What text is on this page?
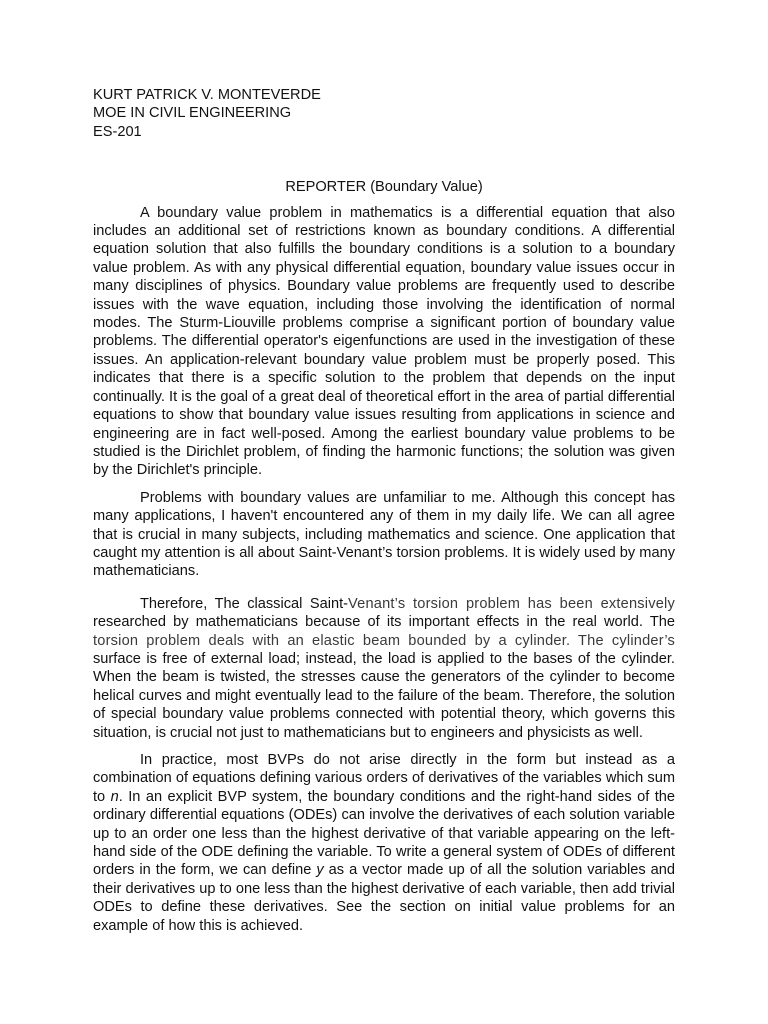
KURT PATRICK V. MONTEVERDE

MOE IN CIVIL ENGINEERING

ES-201

REPORTER (Boundary Value)

A boundary value problem in mathematics is a differential equation that also includes an additional set of restrictions known as boundary conditions. A differential equation solution that also fulfills the boundary conditions is a solution to a boundary value problem. As with any physical differential equation, boundary value issues occur in many disciplines of physics. Boundary value problems are frequently used to describe issues with the wave equation, including those involving the identification of normal modes. The Sturm-Liouville problems comprise a significant portion of boundary value problems. The differential operator's eigenfunctions are used in the investigation of these issues. An application-relevant boundary value problem must be properly posed. This indicates that there is a specific solution to the problem that depends on the input continually. It is the goal of a great deal of theoretical effort in the area of partial differential equations to show that boundary value issues resulting from applications in science and engineering are in fact well-posed. Among the earliest boundary value problems to be studied is the Dirichlet problem, of finding the harmonic functions; the solution was given by the Dirichlet's principle.

Problems with boundary values are unfamiliar to me. Although this concept has many applications, I haven't encountered any of them in my daily life. We can all agree that is crucial in many subjects, including mathematics and science. One application that caught my attention is all about Saint-Venant’s torsion problems. It is widely used by many mathematicians.

Therefore, The classical Saint-Venant’s torsion problem has been extensively researched by mathematicians because of its important effects in the real world. The torsion problem deals with an elastic beam bounded by a cylinder. The cylinder’s surface is free of external load; instead, the load is applied to the bases of the cylinder. When the beam is twisted, the stresses cause the generators of the cylinder to become helical curves and might eventually lead to the failure of the beam. Therefore, the solution of special boundary value problems connected with potential theory, which governs this situation, is crucial not just to mathematicians but to engineers and physicists as well.

In practice, most BVPs do not arise directly in the form but instead as a combination of equations defining various orders of derivatives of the variables which sum to n. In an explicit BVP system, the boundary conditions and the right-hand sides of the ordinary differential equations (ODEs) can involve the derivatives of each solution variable up to an order one less than the highest derivative of that variable appearing on the left-hand side of the ODE defining the variable. To write a general system of ODEs of different orders in the form, we can define y as a vector made up of all the solution variables and their derivatives up to one less than the highest derivative of each variable, then add trivial ODEs to define these derivatives. See the section on initial value problems for an example of how this is achieved.
